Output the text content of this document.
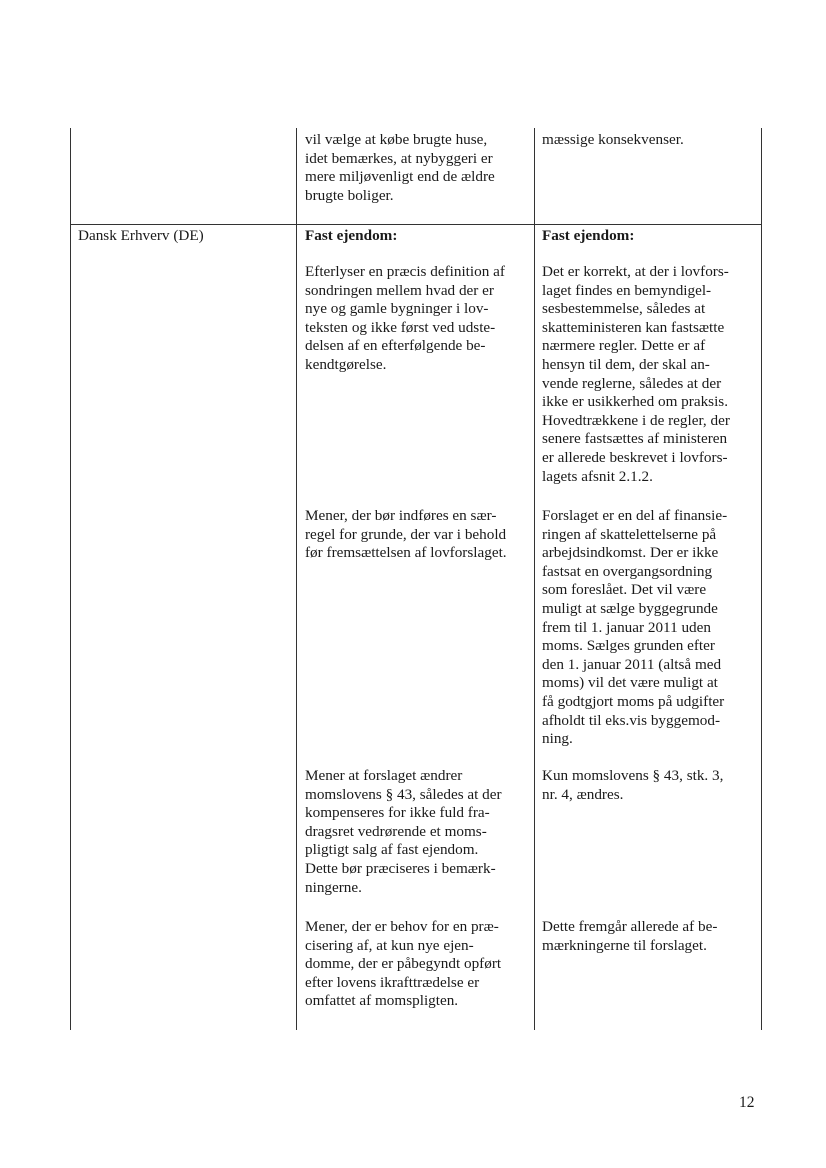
vil vælge at købe brugte huse,
idet bemærkes, at nybyggeri er
mere miljøvenligt end de ældre
brugte boliger.
mæssige konsekvenser.
Dansk Erhverv (DE)	Fast ejendom:	Fast ejendom:
Efterlyser en præcis definition af
sondringen mellem hvad der er
nye og gamle bygninger i lov-
teksten og ikke først ved udste-
delsen af en efterfølgende be-
kendtgørelse.
Det er korrekt, at der i lovfors-
laget findes en bemyndigel-
sesbestemmelse, således at
skatteministeren kan fastsætte
nærmere regler. Dette er af
hensyn til dem, der skal an-
vende reglerne, således at der
ikke er usikkerhed om praksis.
Hovedtrækkene i de regler, der
senere fastsættes af ministeren
er allerede beskrevet i lovfors-
lagets afsnit 2.1.2.
Mener, der bør indføres en sær-
regel for grunde, der var i behold
før fremsættelsen af lovforslaget.
Forslaget er en del af finansie-
ringen af skattelettelserne på
arbejdsindkomst. Der er ikke
fastsat en overgangsordning
som foreslået. Det vil være
muligt at sælge byggegrunde
frem til 1. januar 2011 uden
moms. Sælges grunden efter
den 1. januar 2011 (altså med
moms) vil det være muligt at
få godtgjort moms på udgifter
afholdt til eks.vis byggemod-
ning.
Mener at forslaget ændrer
momslovens § 43, således at der
kompenseres for ikke fuld fra-
dragsret vedrørende et moms-
pligtigt salg af fast ejendom.
Dette bør præciseres i bemærk-
ningerne.
Kun momslovens § 43, stk. 3,
nr. 4, ændres.
Mener, der er behov for en præ-
cisering af, at kun nye ejen-
domme, der er påbegyndt opført
efter lovens ikrafttrædelse er
omfattet af momspligten.
Dette fremgår allerede af be-
mærkningerne til forslaget.
12
